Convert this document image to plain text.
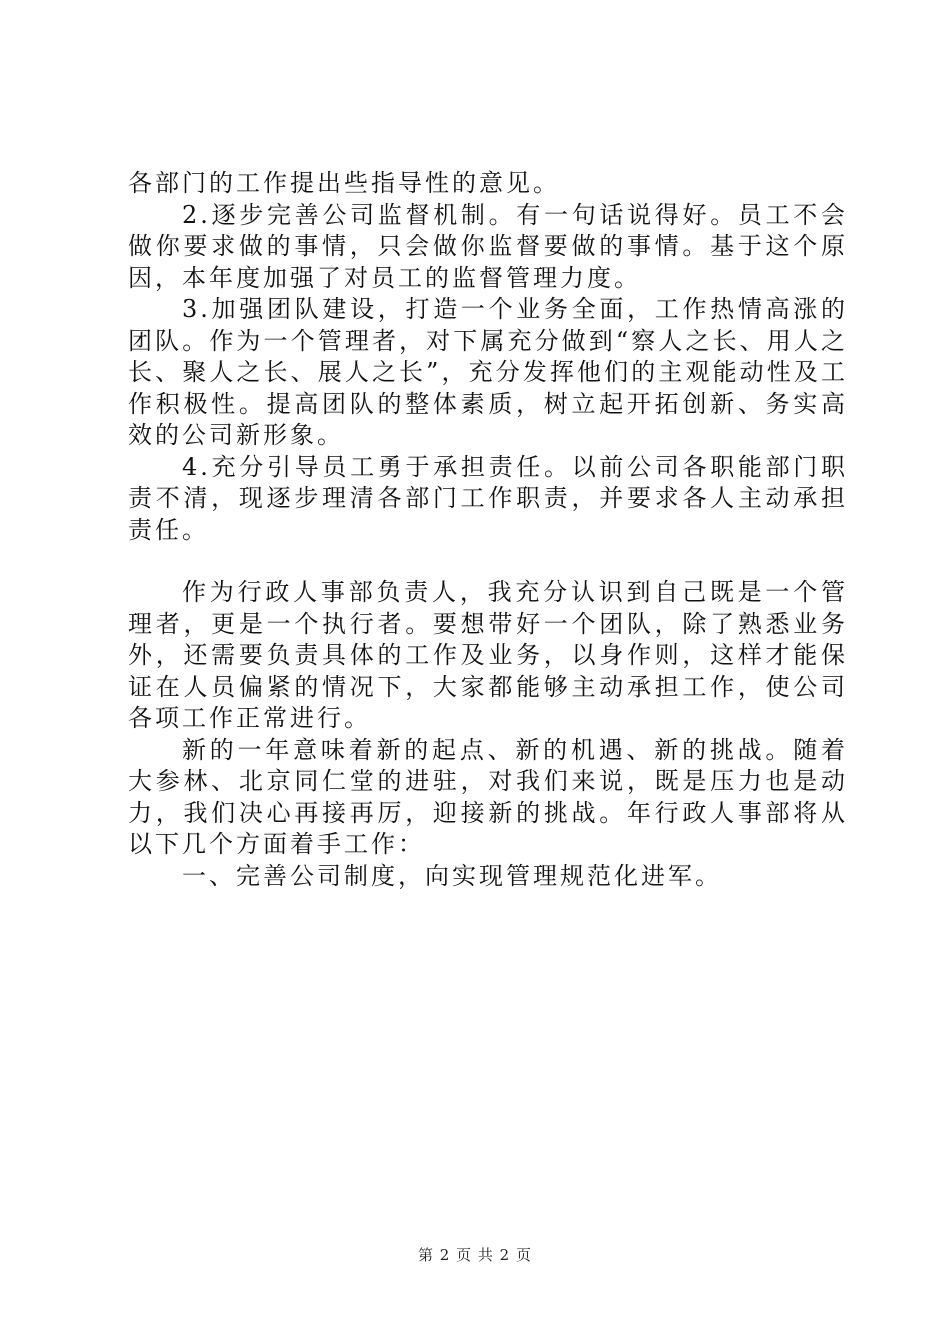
各部门的工作提出些指导性的意见。

2.逐步完善公司监督机制。有一句话说得好。员工不会做你要求做的事情，只会做你监督要做的事情。基于这个原因，本年度加强了对员工的监督管理力度。

3.加强团队建设，打造一个业务全面，工作热情高涨的团队。作为一个管理者，对下属充分做到“察人之长、用人之长、聚人之长、展人之长”，充分发挥他们的主观能动性及工作积极性。提高团队的整体素质，树立起开拓创新、务实高效的公司新形象。

4.充分引导员工勇于承担责任。以前公司各职能部门职责不清，现逐步理清各部门工作职责，并要求各人主动承担责任。

作为行政人事部负责人，我充分认识到自己既是一个管理者，更是一个执行者。要想带好一个团队，除了熟悉业务外，还需要负责具体的工作及业务，以身作则，这样才能保证在人员偏紧的情况下，大家都能够主动承担工作，使公司各项工作正常进行。

新的一年意味着新的起点、新的机遇、新的挑战。随着大参林、北京同仁堂的进驻，对我们来说，既是压力也是动力，我们决心再接再厉，迎接新的挑战。年行政人事部将从以下几个方面着手工作：

一、完善公司制度，向实现管理规范化进军。

第 2 页 共 2 页
